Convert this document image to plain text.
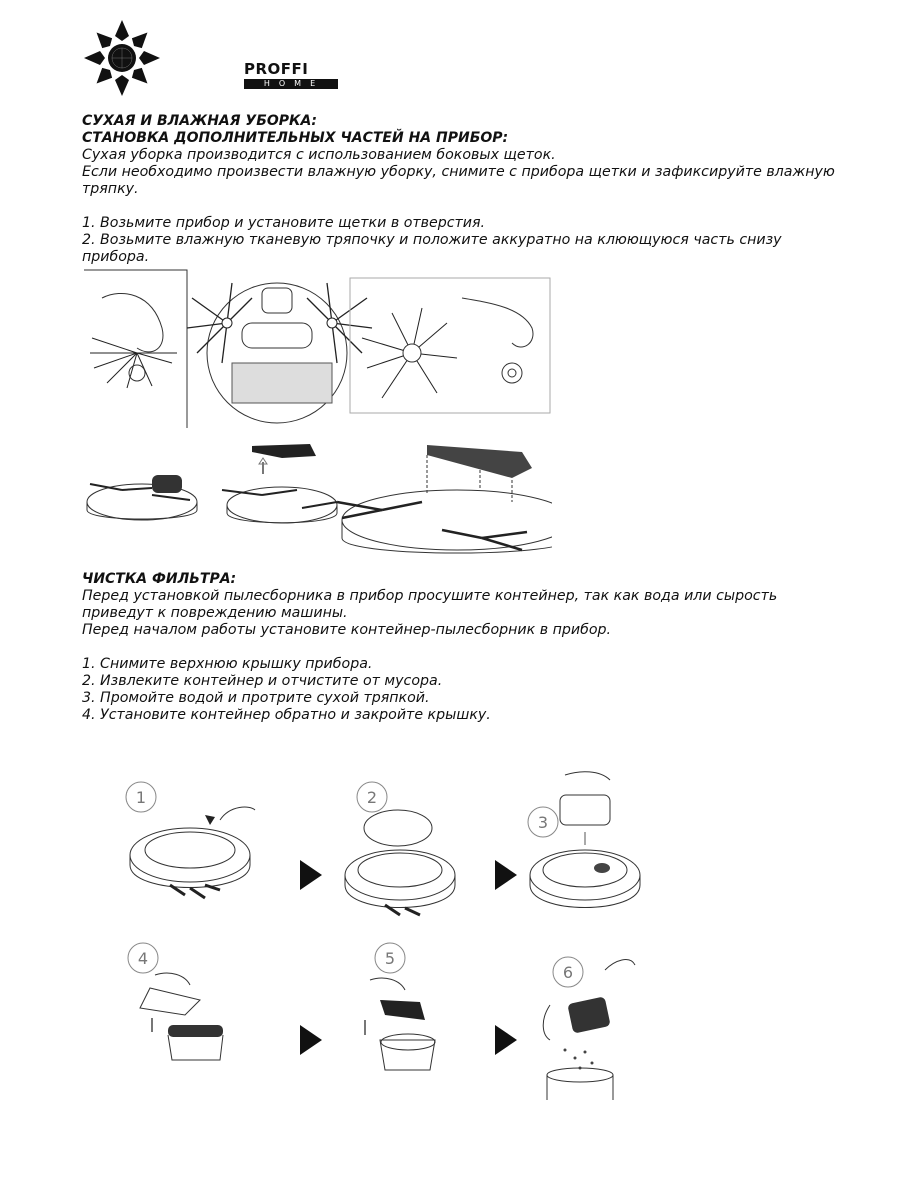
PROFFI
HOME

СУХАЯ И ВЛАЖНАЯ УБОРКА:

СТАНОВКА ДОПОЛНИТЕЛЬНЫХ ЧАСТЕЙ НА ПРИБОР:

Сухая уборка производится с использованием боковых щеток.

Если необходимо произвести влажную уборку, снимите с прибора щетки и зафиксируйте влажную тряпку.

1. Возьмите прибор и установите щетки в отверстия.

2. Возьмите влажную тканевую тряпочку и положите аккуратно на клюющуюся часть снизу прибора.

ЧИСТКА ФИЛЬТРА:

Перед установкой пылесборника в прибор просушите контейнер, так как вода или сырость приведут к повреждению машины.

Перед началом работы установите контейнер-пылесборник в прибор.

1. Снимите верхнюю крышку прибора.

2. Извлеките контейнер и отчистите от мусора.

3. Промойте водой и протрите сухой тряпкой.

4. Установите контейнер обратно и закройте крышку.

1	2
3
4	5
6
